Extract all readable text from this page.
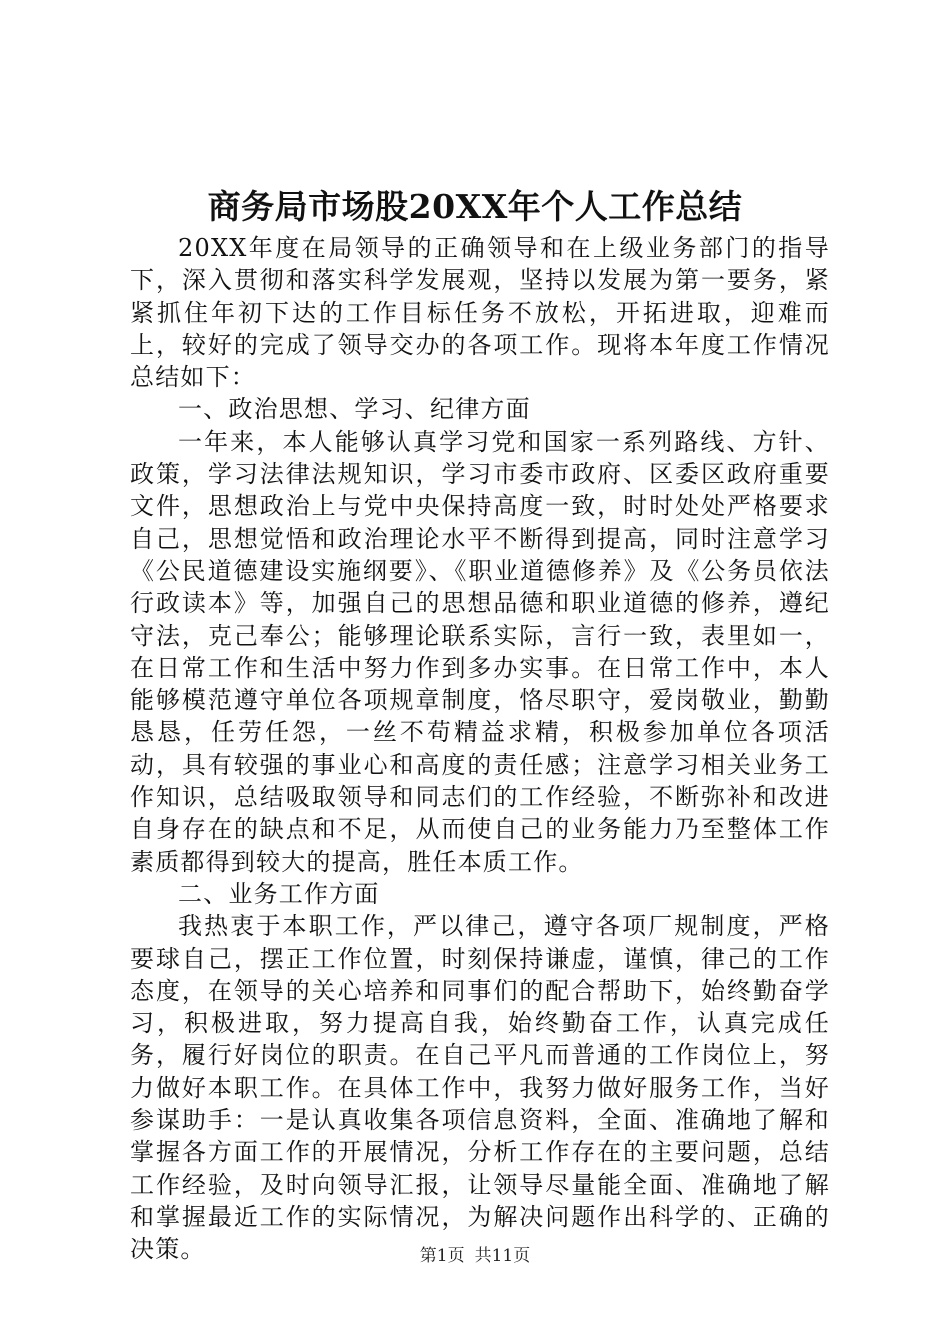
商务局市场股20XX年个人工作总结

20XX年度在局领导的正确领导和在上级业务部门的指导下，深入贯彻和落实科学发展观，坚持以发展为第一要务，紧紧抓住年初下达的工作目标任务不放松，开拓进取，迎难而上，较好的完成了领导交办的各项工作。现将本年度工作情况总结如下：

一、政治思想、学习、纪律方面

一年来，本人能够认真学习党和国家一系列路线、方针、政策，学习法律法规知识，学习市委市政府、区委区政府重要文件，思想政治上与党中央保持高度一致，时时处处严格要求自己，思想觉悟和政治理论水平不断得到提高，同时注意学习《公民道德建设实施纲要》、《职业道德修养》及《公务员依法行政读本》等，加强自己的思想品德和职业道德的修养，遵纪守法，克己奉公；能够理论联系实际，言行一致，表里如一，在日常工作和生活中努力作到多办实事。在日常工作中，本人能够模范遵守单位各项规章制度，恪尽职守，爱岗敬业，勤勤恳恳，任劳任怨，一丝不苟精益求精，积极参加单位各项活动，具有较强的事业心和高度的责任感；注意学习相关业务工作知识，总结吸取领导和同志们的工作经验，不断弥补和改进自身存在的缺点和不足，从而使自己的业务能力乃至整体工作素质都得到较大的提高，胜任本质工作。

二、业务工作方面

我热衷于本职工作，严以律己，遵守各项厂规制度，严格要球自己，摆正工作位置，时刻保持谦虚，谨慎，律己的工作态度，在领导的关心培养和同事们的配合帮助下，始终勤奋学习，积极进取，努力提高自我，始终勤奋工作，认真完成任务，履行好岗位的职责。在自己平凡而普通的工作岗位上，努力做好本职工作。在具体工作中，我努力做好服务工作，当好参谋助手：一是认真收集各项信息资料，全面、准确地了解和掌握各方面工作的开展情况，分析工作存在的主要问题，总结工作经验，及时向领导汇报，让领导尽量能全面、准确地了解和掌握最近工作的实际情况，为解决问题作出科学的、正确的决策。	第1页 共11页
